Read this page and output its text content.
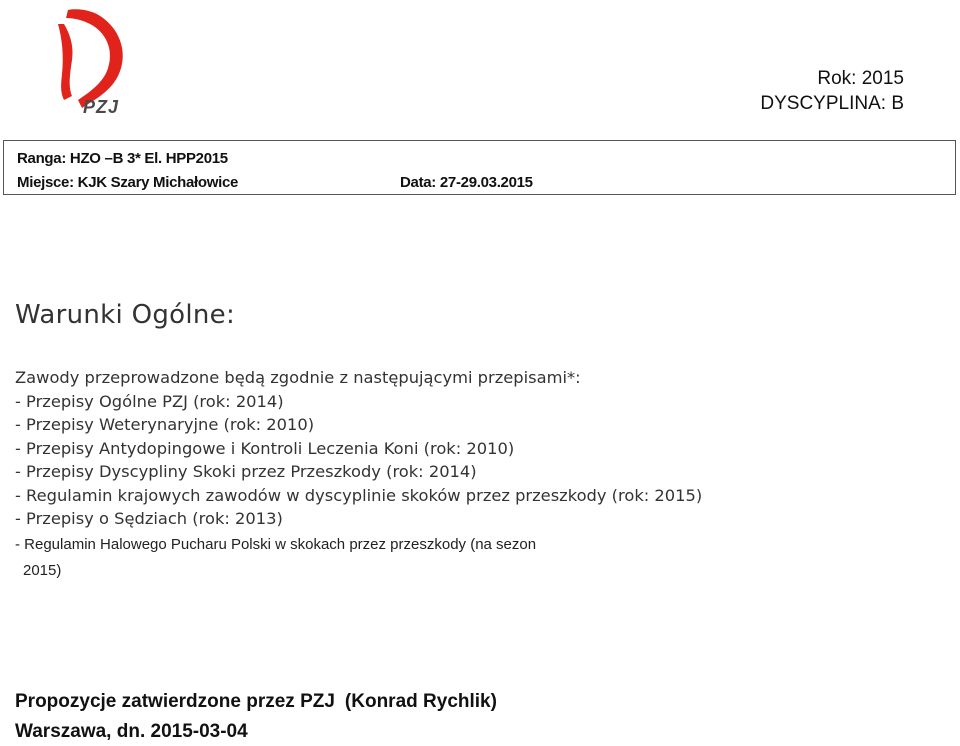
PZJ
Rok: 2015
DYSCYPLINA: B
Ranga: HZO –B 3* El. HPP2015
Miejsce: KJK Szary Michałowice	Data: 27-29.03.2015
Warunki Ogólne:
Zawody przeprowadzone będą zgodnie z następującymi przepisami*:
- Przepisy Ogólne PZJ (rok: 2014)
- Przepisy Weterynaryjne (rok: 2010)
- Przepisy Antydopingowe i Kontroli Leczenia Koni (rok: 2010)
- Przepisy Dyscypliny Skoki przez Przeszkody (rok: 2014)
- Regulamin krajowych zawodów w dyscyplinie skoków przez przeszkody (rok: 2015)
- Przepisy o Sędziach (rok: 2013)
- Regulamin Halowego Pucharu Polski w skokach przez przeszkody (na sezon
2015)
Propozycje zatwierdzone przez PZJ (Konrad Rychlik)
Warszawa, dn. 2015-03-04
